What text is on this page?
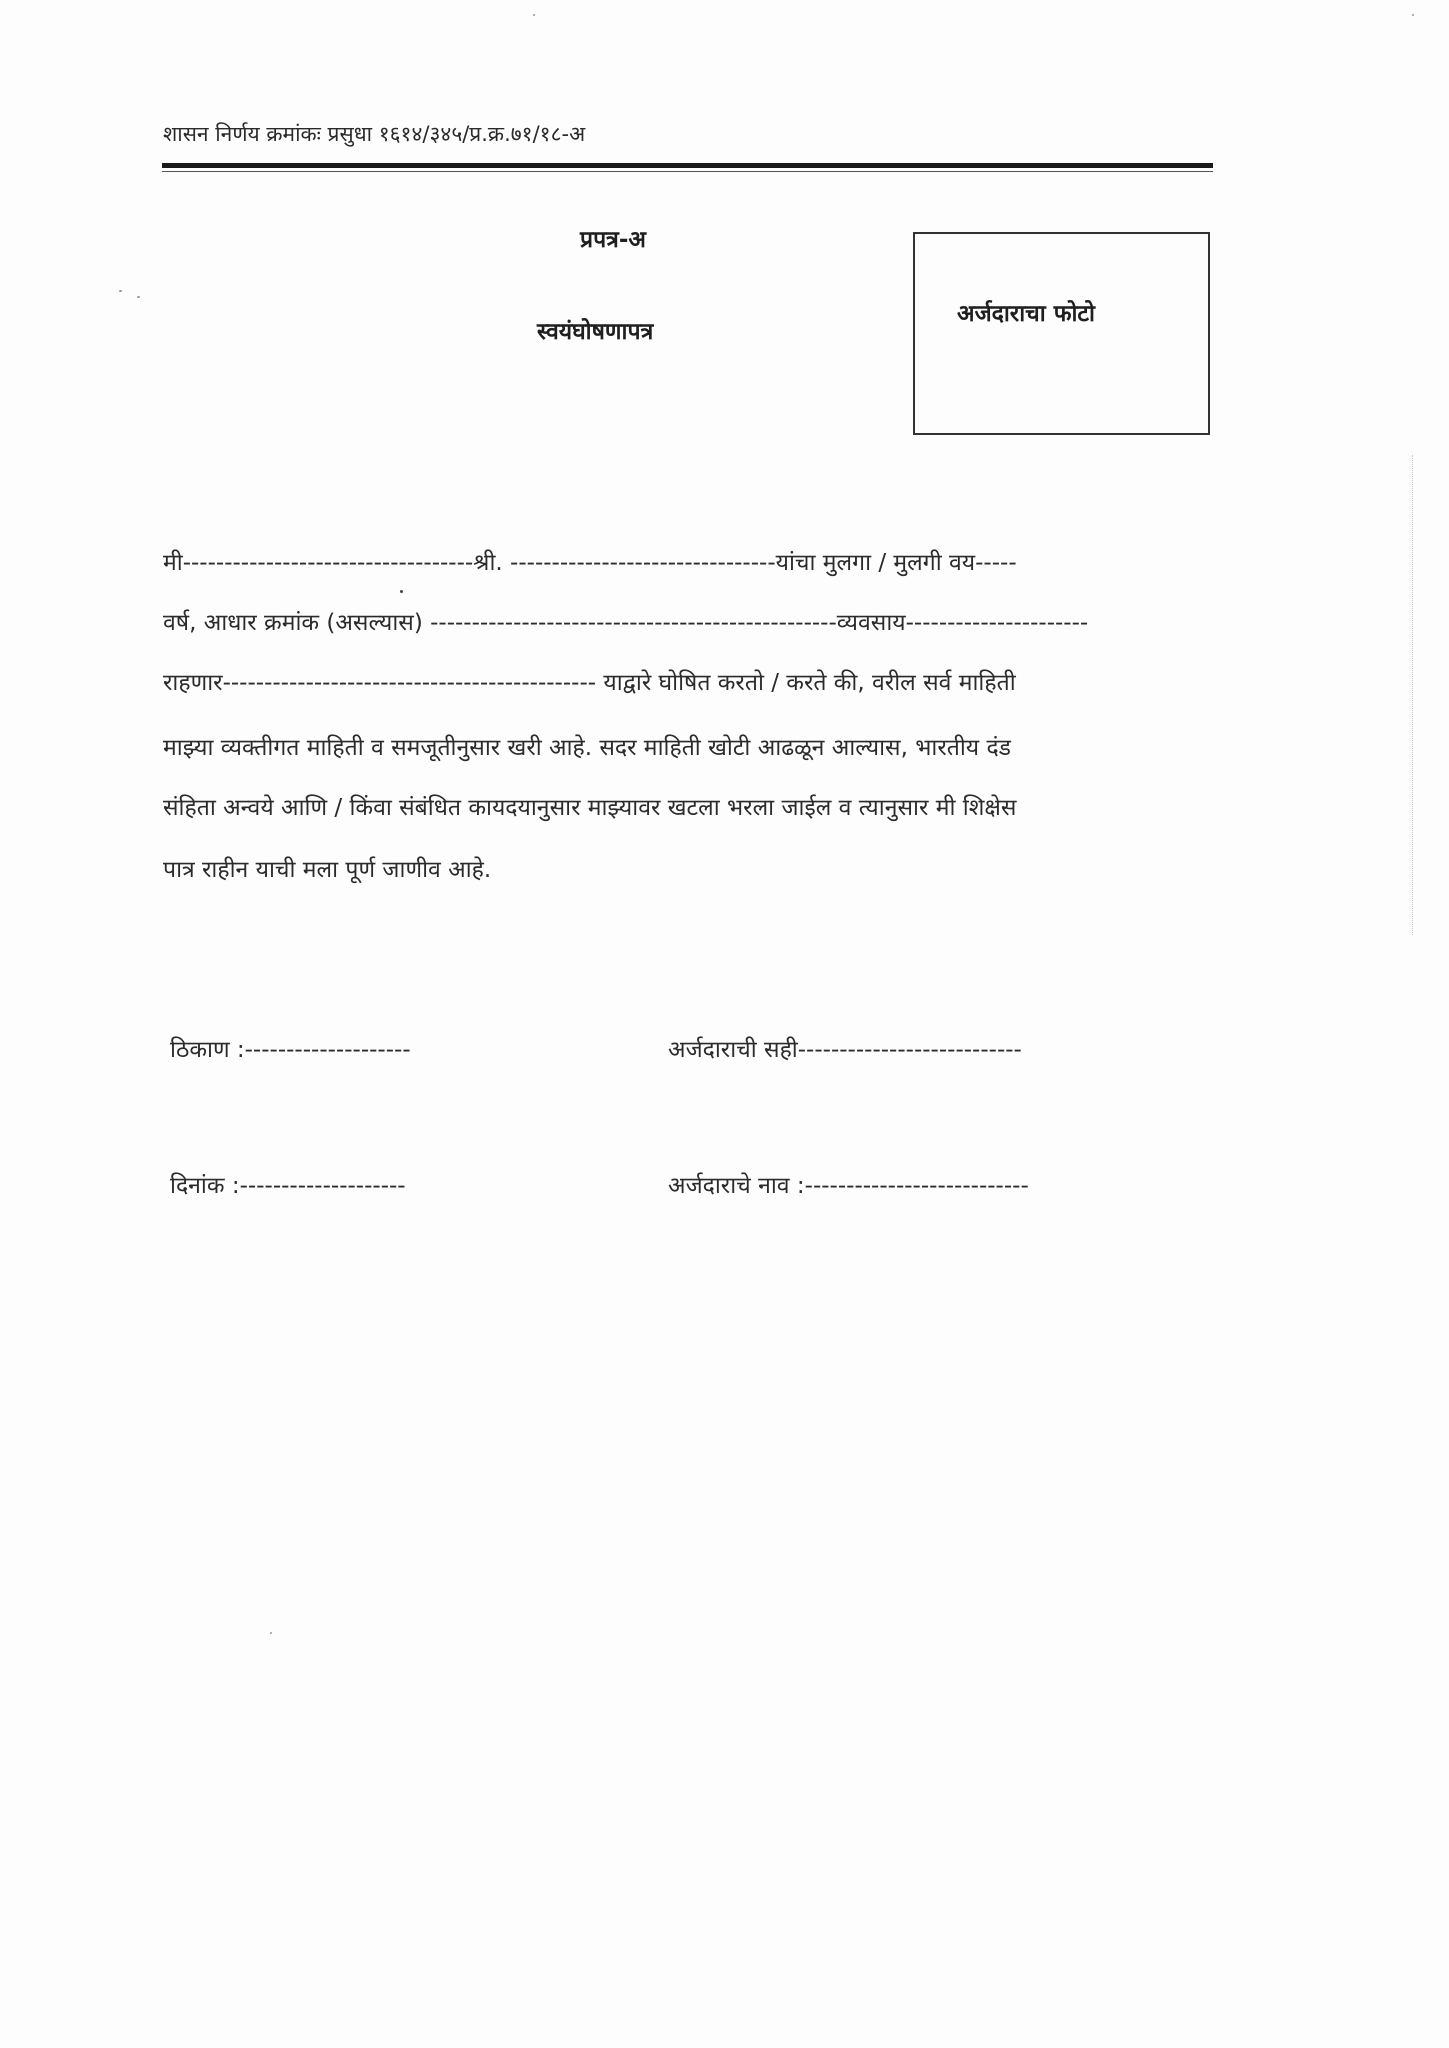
शासन निर्णय क्रमांकः प्रसुधा १६१४/३४५/प्र.क्र.७१/१८-अ
प्रपत्र-अ
स्वयंघोषणापत्र
अर्जदाराचा फोटो
मी-----------------------------------श्री. --------------------------------यांचा मुलगा / मुलगी वय-----
वर्ष, आधार क्रमांक (असल्यास) -------------------------------------------------व्यवसाय----------------------
राहणार--------------------------------------------- याद्वारे घोषित करतो / करते की, वरील सर्व माहिती
माझ्या व्यक्तीगत माहिती व समजूतीनुसार खरी आहे. सदर माहिती खोटी आढळून आल्यास, भारतीय दंड
संहिता अन्वये आणि / किंवा संबंधित कायदयानुसार माझ्यावर खटला भरला जाईल व त्यानुसार मी शिक्षेस
पात्र राहीन याची मला पूर्ण जाणीव आहे.
ठिकाण :--------------------	अर्जदाराची सही---------------------------
दिनांक :--------------------	अर्जदाराचे नाव :---------------------------
